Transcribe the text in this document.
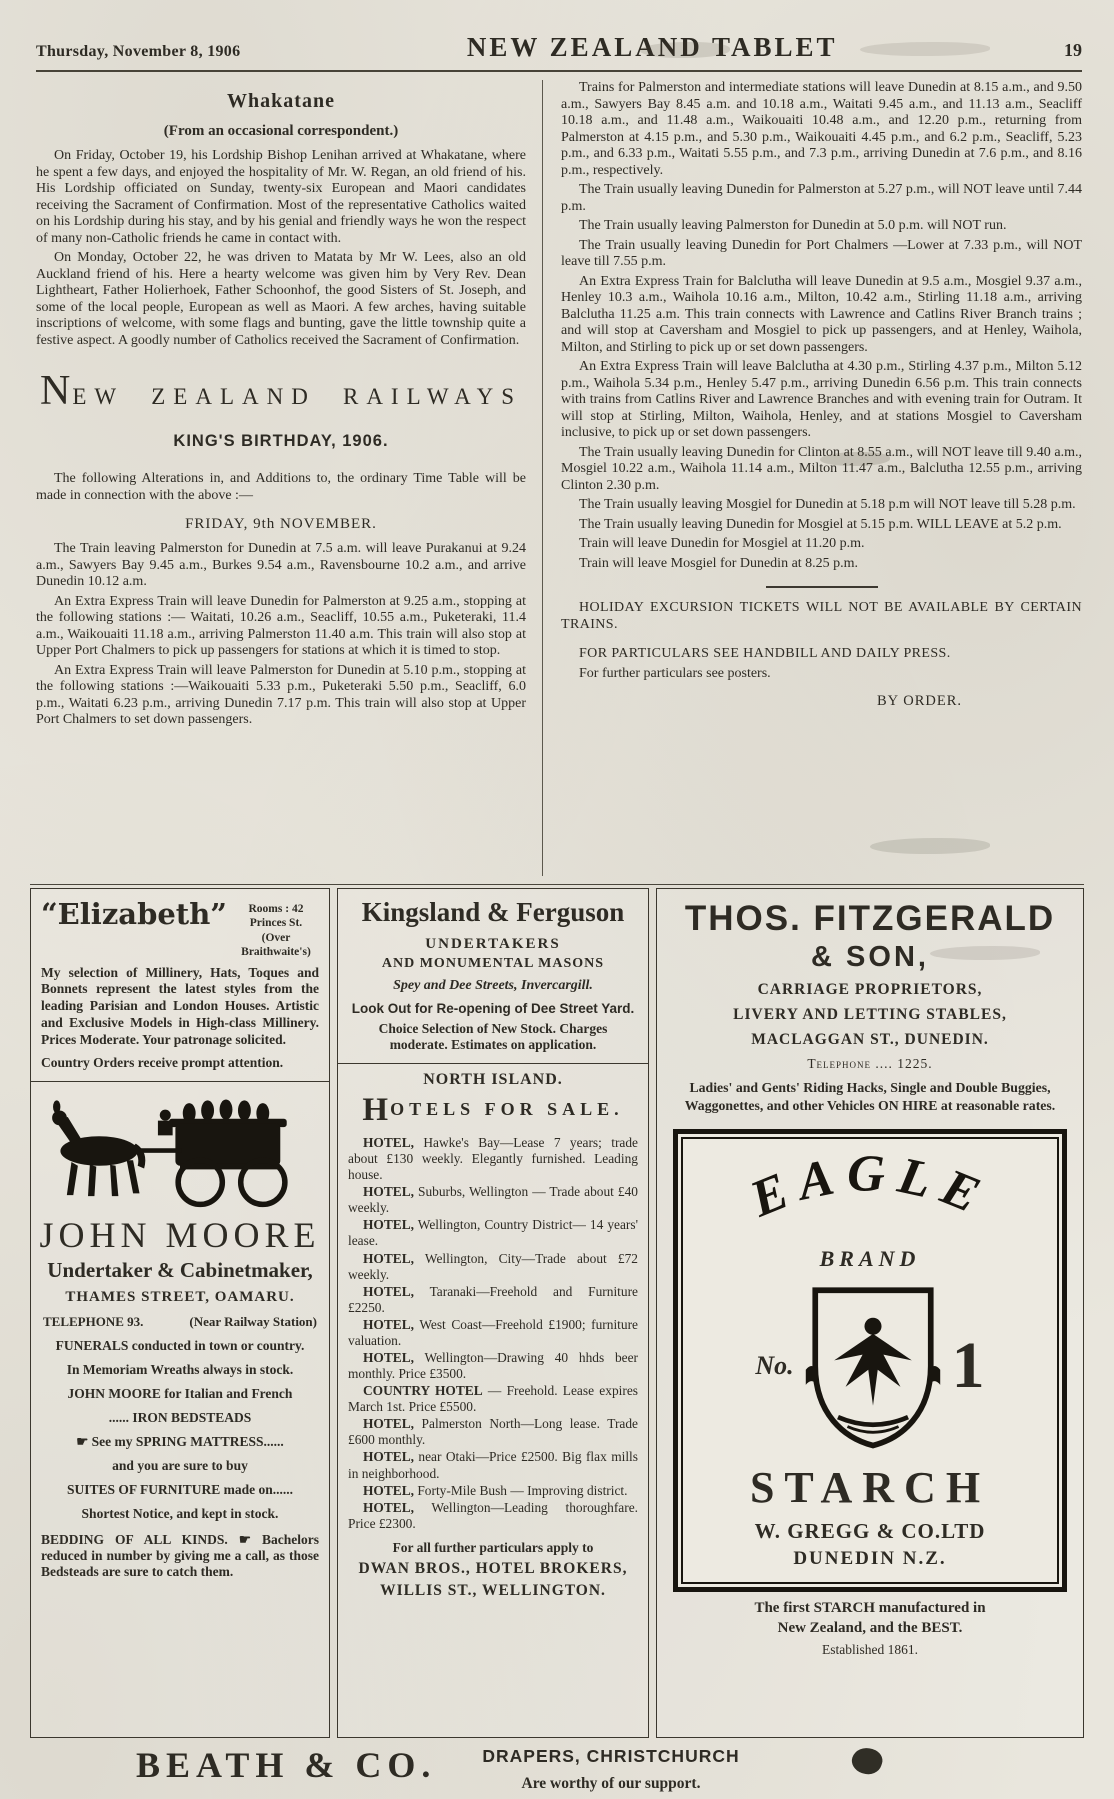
Thursday, November 8, 1906	NEW ZEALAND TABLET	19
Whakatane
(From an occasional correspondent.)

On Friday, October 19, his Lordship Bishop Lenihan arrived at Whakatane, where he spent a few days, and enjoyed the hospitality of Mr. W. Regan, an old friend of his. His Lordship officiated on Sunday, twenty-six European and Maori candidates receiving the Sacrament of Confirmation. Most of the representative Catholics waited on his Lordship during his stay, and by his genial and friendly ways he won the respect of many non-Catholic friends he came in contact with.

On Monday, October 22, he was driven to Matata by Mr W. Lees, also an old Auckland friend of his. Here a hearty welcome was given him by Very Rev. Dean Lightheart, Father Holierhoek, Father Schoonhof, the good Sisters of St. Joseph, and some of the local people, European as well as Maori. A few arches, having suitable inscriptions of welcome, with some flags and bunting, gave the little township quite a festive aspect. A goodly number of Catholics received the Sacrament of Confirmation.

NEW ZEALAND RAILWAYS
KING'S BIRTHDAY, 1906.

The following Alterations in, and Additions to, the ordinary Time Table will be made in connection with the above :—

FRIDAY, 9th NOVEMBER.

The Train leaving Palmerston for Dunedin at 7.5 a.m. will leave Purakanui at 9.24 a.m., Sawyers Bay 9.45 a.m., Burkes 9.54 a.m., Ravensbourne 10.2 a.m., and arrive Dunedin 10.12 a.m.

An Extra Express Train will leave Dunedin for Palmerston at 9.25 a.m., stopping at the following stations :— Waitati, 10.26 a.m., Seacliff, 10.55 a.m., Puketeraki, 11.4 a.m., Waikouaiti 11.18 a.m., arriving Palmerston 11.40 a.m. This train will also stop at Upper Port Chalmers to pick up passengers for stations at which it is timed to stop.

An Extra Express Train will leave Palmerston for Dunedin at 5.10 p.m., stopping at the following stations :—Waikouaiti 5.33 p.m., Puketeraki 5.50 p.m., Seacliff, 6.0 p.m., Waitati 6.23 p.m., arriving Dunedin 7.17 p.m. This train will also stop at Upper Port Chalmers to set down passengers.

Trains for Palmerston and intermediate stations will leave Dunedin at 8.15 a.m., and 9.50 a.m., Sawyers Bay 8.45 a.m. and 10.18 a.m., Waitati 9.45 a.m., and 11.13 a.m., Seacliff 10.18 a.m., and 11.48 a.m., Waikouaiti 10.48 a.m., and 12.20 p.m., returning from Palmerston at 4.15 p.m., and 5.30 p.m., Waikouaiti 4.45 p.m., and 6.2 p.m., Seacliff, 5.23 p.m., and 6.33 p.m., Waitati 5.55 p.m., and 7.3 p.m., arriving Dunedin at 7.6 p.m., and 8.16 p.m., respectively.

The Train usually leaving Dunedin for Palmerston at 5.27 p.m., will NOT leave until 7.44 p.m.

The Train usually leaving Palmerston for Dunedin at 5.0 p.m. will NOT run.

The Train usually leaving Dunedin for Port Chalmers —Lower at 7.33 p.m., will NOT leave till 7.55 p.m.

An Extra Express Train for Balclutha will leave Dunedin at 9.5 a.m., Mosgiel 9.37 a.m., Henley 10.3 a.m., Waihola 10.16 a.m., Milton, 10.42 a.m., Stirling 11.18 a.m., arriving Balclutha 11.25 a.m. This train connects with Lawrence and Catlins River Branch trains ; and will stop at Caversham and Mosgiel to pick up passengers, and at Henley, Waihola, Milton, and Stirling to pick up or set down passengers.

An Extra Express Train will leave Balclutha at 4.30 p.m., Stirling 4.37 p.m., Milton 5.12 p.m., Waihola 5.34 p.m., Henley 5.47 p.m., arriving Dunedin 6.56 p.m. This train connects with trains from Catlins River and Lawrence Branches and with evening train for Outram. It will stop at Stirling, Milton, Waihola, Henley, and at stations Mosgiel to Caversham inclusive, to pick up or set down passengers.

The Train usually leaving Dunedin for Clinton at 8.55 a.m., will NOT leave till 9.40 a.m., Mosgiel 10.22 a.m., Waihola 11.14 a.m., Milton 11.47 a.m., Balclutha 12.55 p.m., arriving Clinton 2.30 p.m.

The Train usually leaving Mosgiel for Dunedin at 5.18 p.m will NOT leave till 5.28 p.m.

The Train usually leaving Dunedin for Mosgiel at 5.15 p.m. WILL LEAVE at 5.2 p.m.

Train will leave Dunedin for Mosgiel at 11.20 p.m.

Train will leave Mosgiel for Dunedin at 8.25 p.m.

HOLIDAY EXCURSION TICKETS WILL NOT BE AVAILABLE BY CERTAIN TRAINS.

FOR PARTICULARS SEE HANDBILL AND DAILY PRESS.

For further particulars see posters.

BY ORDER.

“Elizabeth”	Rooms : 42 Princes St.
(Over Braithwaite's)

My selection of Millinery, Hats, Toques and Bonnets represent the latest styles from the leading Parisian and London Houses. Artistic and Exclusive Models in High-class Millinery. Prices Moderate. Your patronage solicited.

Country Orders receive prompt attention.
JOHN MOORE
Undertaker & Cabinetmaker,
THAMES STREET, OAMARU.
TELEPHONE 93.	(Near Railway Station)
FUNERALS conducted in town or country.
In Memoriam Wreaths always in stock.
JOHN MOORE for Italian and French
...... IRON BEDSTEADS
☛ See my SPRING MATTRESS......
and you are sure to buy
SUITES OF FURNITURE made on......
Shortest Notice, and kept in stock.

BEDDING OF ALL KINDS. ☛ Bachelors reduced in number by giving me a call, as those Bedsteads are sure to catch them.

Kingsland & Ferguson
UNDERTAKERS
AND MONUMENTAL MASONS
Spey and Dee Streets, Invercargill.
Look Out for Re-opening of Dee Street Yard.
Choice Selection of New Stock. Charges moderate. Estimates on application.
NORTH ISLAND.
HOTELS FOR SALE.

HOTEL, Hawke's Bay—Lease 7 years; trade about £130 weekly. Elegantly furnished. Leading house.

HOTEL, Suburbs, Wellington — Trade about £40 weekly.

HOTEL, Wellington, Country District— 14 years' lease.

HOTEL, Wellington, City—Trade about £72 weekly.

HOTEL, Taranaki—Freehold and Furniture £2250.

HOTEL, West Coast—Freehold £1900; furniture valuation.

HOTEL, Wellington—Drawing 40 hhds beer monthly. Price £3500.

COUNTRY HOTEL — Freehold. Lease expires March 1st. Price £5500.

HOTEL, Palmerston North—Long lease. Trade £600 monthly.

HOTEL, near Otaki—Price £2500. Big flax mills in neighborhood.

HOTEL, Forty-Mile Bush — Improving district.

HOTEL, Wellington—Leading thoroughfare. Price £2300.

For all further particulars apply to
DWAN BROS., HOTEL BROKERS,
WILLIS ST., WELLINGTON.
THOS. FITZGERALD
& SON,
CARRIAGE PROPRIETORS,
LIVERY AND LETTING STABLES,
MACLAGGAN ST., DUNEDIN.
Telephone .... 1225.

Ladies' and Gents' Riding Hacks, Single and Double Buggies, Waggonettes, and other Vehicles ON HIRE at reasonable rates.

EAGLE
BRAND
No. 1
STARCH
W. GREGG & CO.LTD
DUNEDIN N.Z.
The first STARCH manufactured in
New Zealand, and the BEST.
Established 1861.
BEATH & CO.	DRAPERS, CHRISTCHURCH
Are worthy of our support.
